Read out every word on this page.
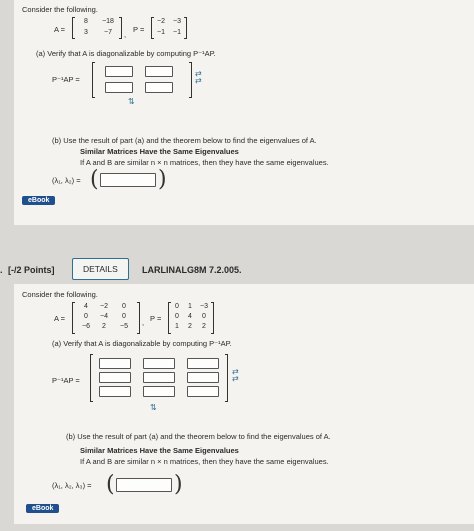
Consider the following.
A =
8	−18
3	−7	,
P =
−2	−3
−1	−1
(a) Verify that A is diagonalizable by computing P⁻¹AP.
P⁻¹AP =
⇄
⇄
⇅
(b) Use the result of part (a) and the theorem below to find the eigenvalues of A.
Similar Matrices Have the Same Eigenvalues
If A and B are similar n × n matrices, then they have the same eigenvalues.
(λ₁, λ₂) = (	)
eBook
. [-/2 Points]	DETAILS	LARLINALG8M 7.2.005.
Consider the following.
A =
4	−2	0
0	−4	0
−6	2	−5	, P =
0	1	−3
0	4	0
1	2	2
(a) Verify that A is diagonalizable by computing P⁻¹AP.
P⁻¹AP =
⇄
⇄
⇅
(b) Use the result of part (a) and the theorem below to find the eigenvalues of A.
Similar Matrices Have the Same Eigenvalues
If A and B are similar n × n matrices, then they have the same eigenvalues.
(λ₁, λ₂, λ₃) = (	)
eBook
